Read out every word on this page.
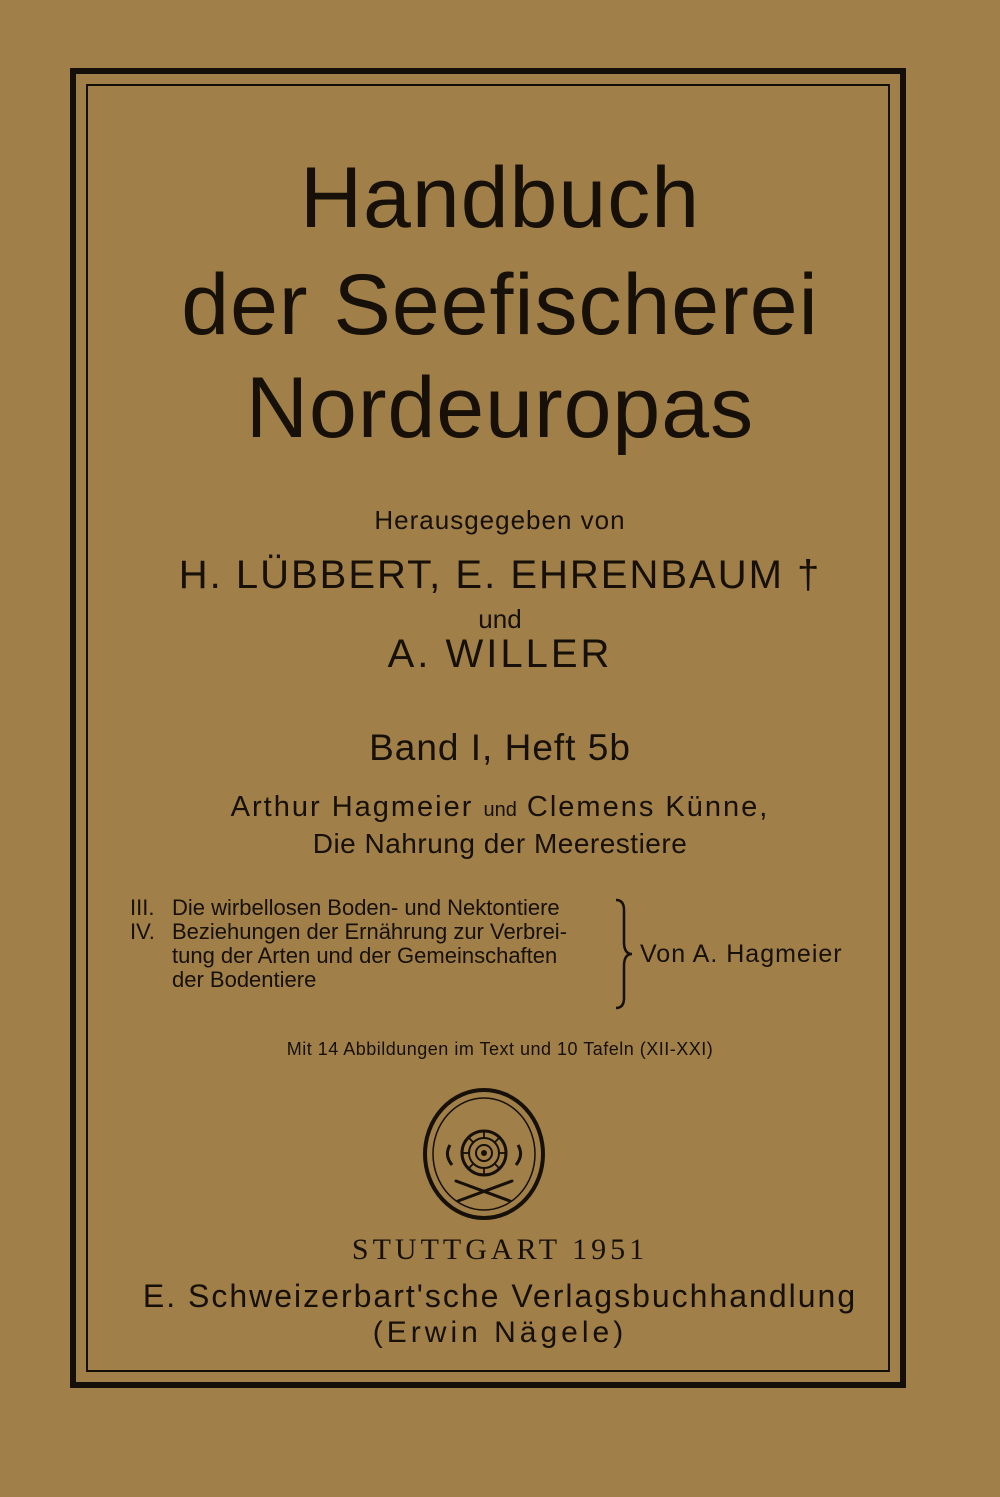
Handbuch
der Seefischerei
Nordeuropas
Herausgegeben von
H. LÜBBERT, E. EHRENBAUM †
und
A. WILLER
Band I, Heft 5b
Arthur Hagmeier und Clemens Künne,
Die Nahrung der Meerestiere
III. Die wirbellosen Boden- und Nektontiere
IV. Beziehungen der Ernährung zur Verbrei-
tung der Arten und der Gemeinschaften
der Bodentiere
Von A. Hagmeier
Mit 14 Abbildungen im Text und 10 Tafeln (XII-XXI)
STUTTGART 1951
E. Schweizerbart'sche Verlagsbuchhandlung
(Erwin Nägele)
